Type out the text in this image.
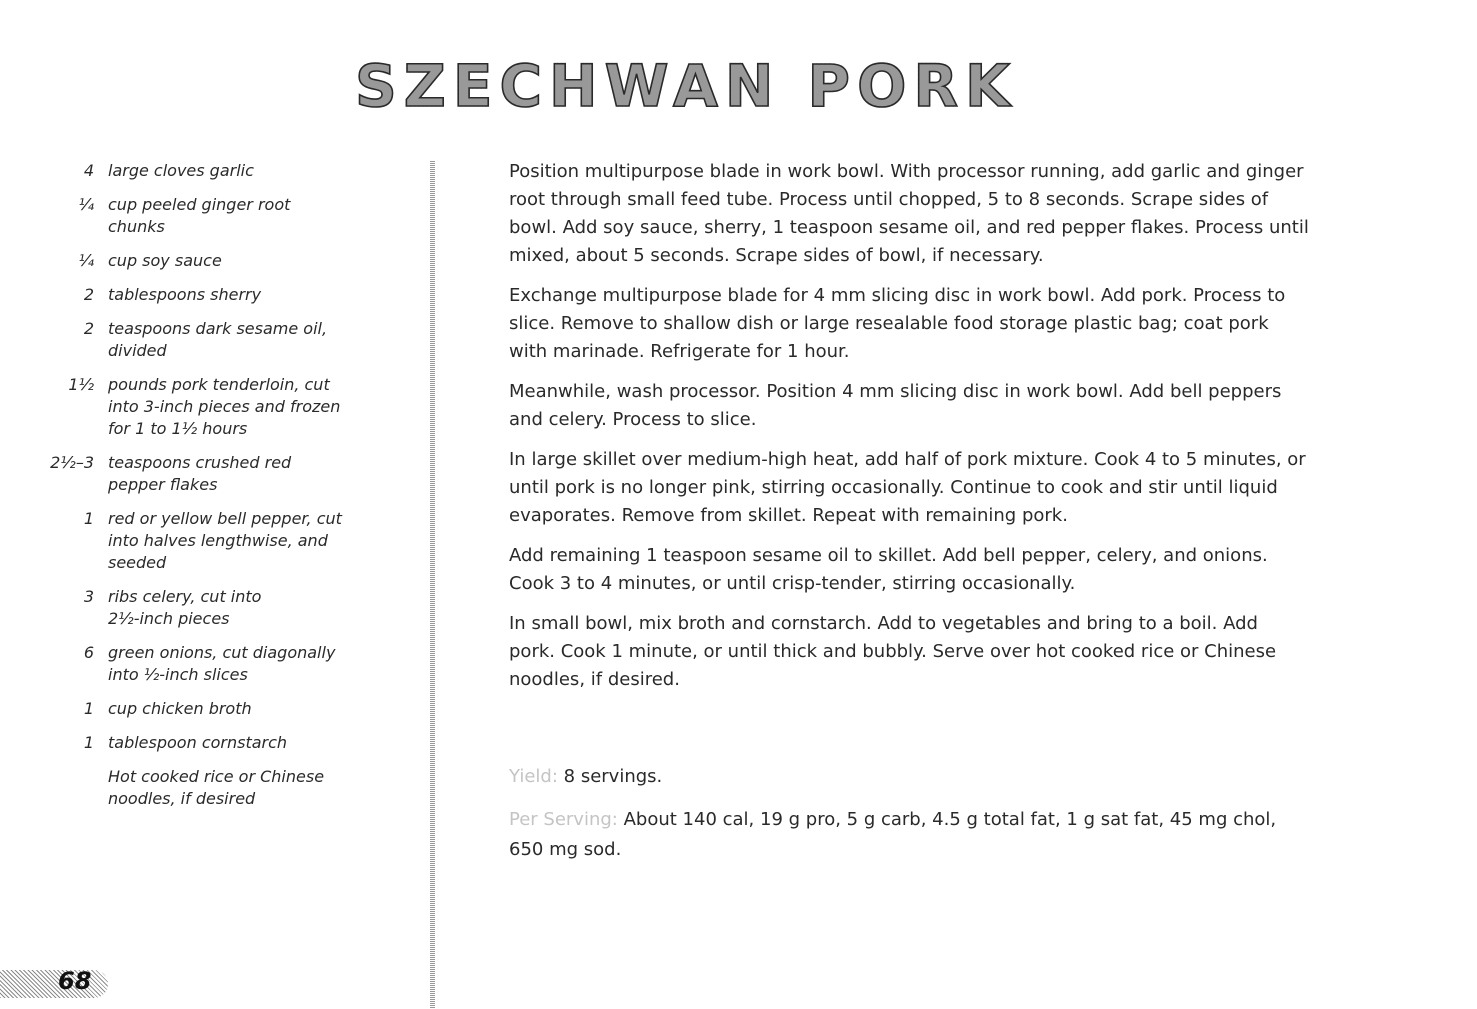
SZECHWAN PORK
4 large cloves garlic
¼ cup peeled ginger root chunks
¼ cup soy sauce
2 tablespoons sherry
2 teaspoons dark sesame oil, divided
1½ pounds pork tenderloin, cut into 3-inch pieces and frozen for 1 to 1½ hours
2½–3 teaspoons crushed red pepper flakes
1 red or yellow bell pepper, cut into halves lengthwise, and seeded
3 ribs celery, cut into 2½-inch pieces
6 green onions, cut diagonally into ½-inch slices
1 cup chicken broth
1 tablespoon cornstarch
Hot cooked rice or Chinese noodles, if desired

Position multipurpose blade in work bowl. With processor running, add garlic and ginger root through small feed tube. Process until chopped, 5 to 8 seconds. Scrape sides of bowl. Add soy sauce, sherry, 1 teaspoon sesame oil, and red pepper flakes. Process until mixed, about 5 seconds. Scrape sides of bowl, if necessary.

Exchange multipurpose blade for 4 mm slicing disc in work bowl. Add pork. Process to slice. Remove to shallow dish or large resealable food storage plastic bag; coat pork with marinade. Refrigerate for 1 hour.

Meanwhile, wash processor. Position 4 mm slicing disc in work bowl. Add bell peppers and celery. Process to slice.

In large skillet over medium-high heat, add half of pork mixture. Cook 4 to 5 minutes, or until pork is no longer pink, stirring occasionally. Continue to cook and stir until liquid evaporates. Remove from skillet. Repeat with remaining pork.

Add remaining 1 teaspoon sesame oil to skillet. Add bell pepper, celery, and onions. Cook 3 to 4 minutes, or until crisp-tender, stirring occasionally.

In small bowl, mix broth and cornstarch. Add to vegetables and bring to a boil. Add pork. Cook 1 minute, or until thick and bubbly. Serve over hot cooked rice or Chinese noodles, if desired.

Yield: 8 servings.
Per Serving: About 140 cal, 19 g pro, 5 g carb, 4.5 g total fat, 1 g sat fat, 45 mg chol, 650 mg sod.
68
